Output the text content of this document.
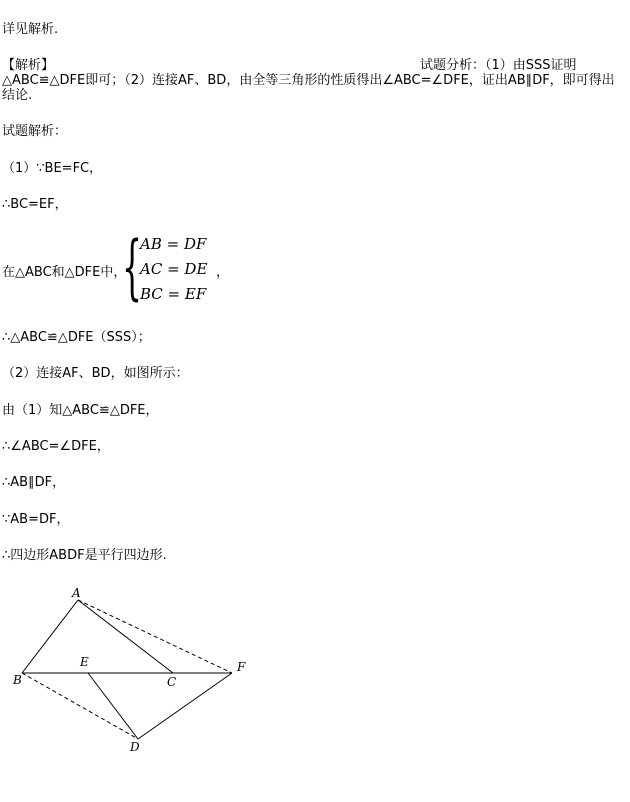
详见解析.
【解析】	试题分析：（1）由SSS证明
△ABC≌△DFE即可；（2）连接AF、BD，由全等三角形的性质得出∠ABC=∠DFE，证出AB∥DF，即可得出
结论.
试题解析：
（1）∵BE=FC，
∴BC=EF，
在△ABC和△DFE中，
{
AB = DF
AC = DE
BC = EF
，
∴△ABC≌△DFE（SSS）；
（2）连接AF、BD，如图所示：
由（1）知△ABC≌△DFE，
∴∠ABC=∠DFE，
∴AB∥DF，
∵AB=DF，
∴四边形ABDF是平行四边形.
A
B	C
D
E	F
